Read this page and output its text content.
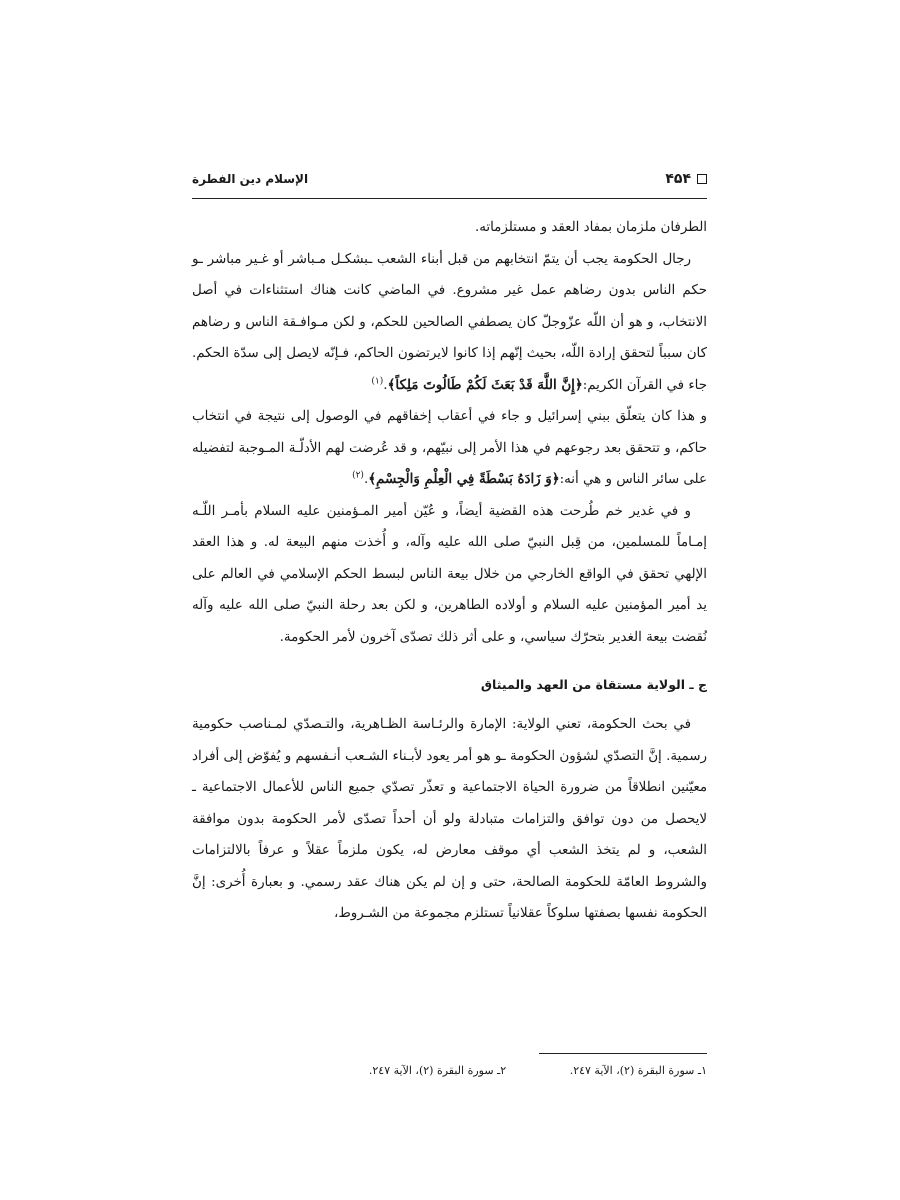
۴۵۴
الإسلام دين الفطرة

الطرفان ملزمان بمفاد العقد و مستلزماته.

رجال الحكومة يجب أن يتمّ انتخابهم من قبل أبناء الشعب ـبشكـل مـباشر أو غـير مباشر ـو حكم الناس بدون رضاهم عمل غير مشروع. في الماضي كانت هناك استثناءات في أصل الانتخاب، و هو أن اللّه عزّوجلّ كان يصطفي الصالحين للحكم، و لكن مـوافـقة الناس و رضاهم كان سبباً لتحقق إرادة اللّه، بحيث إنّهم إذا كانوا لايرتضون الحاكم، فـإنّه لايصل إلى سدّة الحكم. جاء في القرآن الكريم:﴿إِنَّ اللَّهَ قَدْ بَعَثَ لَكُمْ طَالُوتَ مَلِكاً﴾.$^{(١)}$

و هذا كان يتعلّق ببني إسرائيل و جاء في أعقاب إخفاقهم في الوصول إلى نتيجة في انتخاب حاكم، و تتحقق بعد رجوعهم في هذا الأمر إلى نبيّهم، و قد عُرضت لهم الأدلّـة المـوجبة لتفضيله على سائر الناس و هي أنه:﴿وَ زَادَهُ بَسْطَةً فِي الْعِلْمِ وَالْجِسْمِ﴾.$^{(٢)}$

و في غدير خم طُرحت هذه القضية أيضاً، و عُيّن أمير المـؤمنين عليه السلام بأمـر اللّـه إمـاماً للمسلمين، من قِبل النبيّ صلى الله عليه وآله، و أُخذت منهم البيعة له. و هذا العقد الإلهي تحقق في الواقع الخارجي من خلال بيعة الناس لبسط الحكم الإسلامي في العالم على يد أمير المؤمنين عليه السلام و أولاده الطاهرين، و لكن بعد رحلة النبيّ صلى الله عليه وآله نُقضت بيعة الغدير بتحرّك سياسي، و على أثر ذلك تصدّى آخرون لأمر الحكومة.

ج ـ الولاية مستقاة من العهد والميثاق

في بحث الحكومة، تعني الولاية: الإمارة والرئـاسة الظـاهرية، والتـصدّي لمـناصب حكومية رسمية. إنَّ التصدّي لشؤون الحكومة ـو هو أمر يعود لأبـناء الشـعب أنـفسهم و يُفوّض إلى أفراد معيّنين انطلاقاً من ضرورة الحياة الاجتماعية و تعذّر تصدّي جميع الناس للأعمال الاجتماعية ـ لايحصل من دون توافق والتزامات متبادلة ولو أن أحداً تصدّى لأمر الحكومة بدون موافقة الشعب، و لم يتخذ الشعب أي موقف معارض له، يكون ملزماً عقلاً و عرفاً بالالتزامات والشروط العامّة للحكومة الصالحة، حتى و إن لم يكن هناك عقد رسمي. و بعبارة أُخرى: إنَّ الحكومة نفسها بصفتها سلوكاً عقلانياً تستلزم مجموعة من الشـروط،

١ـ سورة البقرة (٢)، الآية ٢٤٧. ٢ـ سورة البقرة (٢)، الآية ٢٤٧.
